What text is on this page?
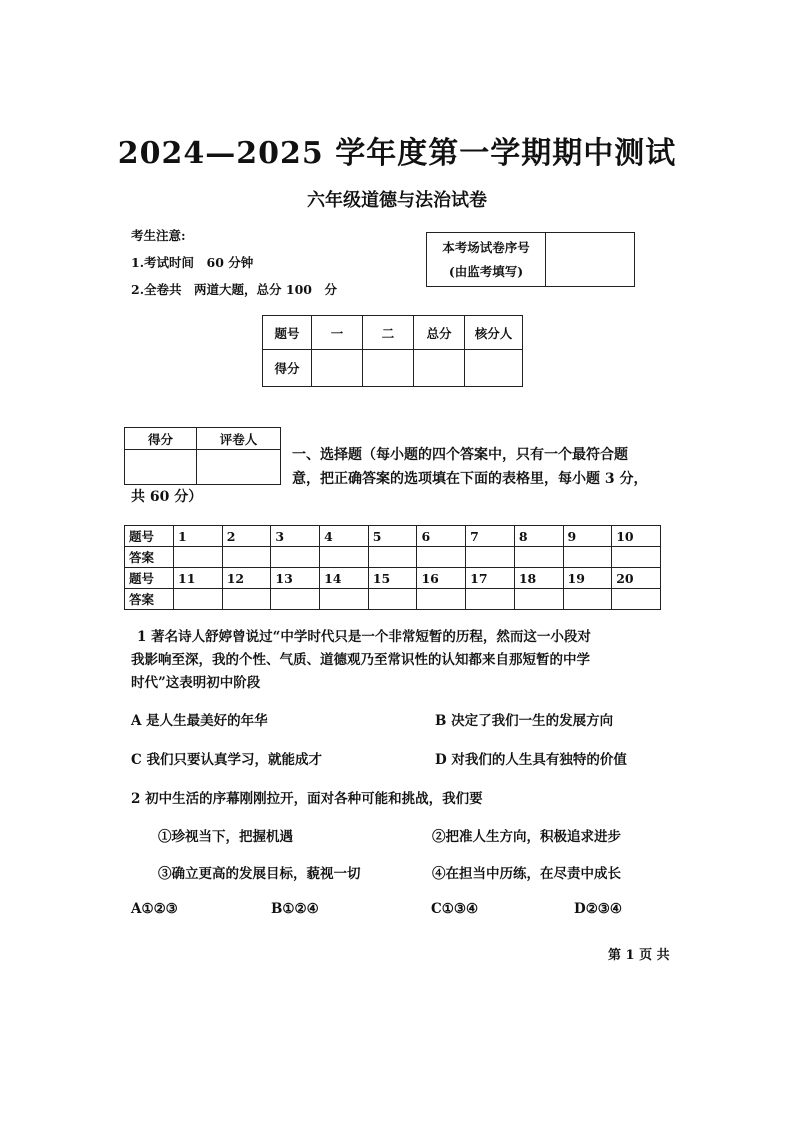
2024—2025 学年度第一学期期中测试
六年级道德与法治试卷
考生注意:
1.考试时间　60 分钟
2.全卷共　两道大题，总分 100　分
本考场试卷序号
(由监考填写)

题号	一	二	总分	核分人
得分				
得分	评卷人

一、选择题（每小题的四个答案中，只有一个最符合题
意，把正确答案的选项填在下面的表格里，每小题 3 分，
共 60 分）
题号	1	2	3	4	5	6	7	8	9	10
答案										
题号	11	12	13	14	15	16	17	18	19	20
答案										
1 著名诗人舒婷曾说过“中学时代只是一个非常短暂的历程，然而这一小段对
我影响至深，我的个性、气质、道德观乃至常识性的认知都来自那短暂的中学
时代”这表明初中阶段
A 是人生最美好的年华	B 决定了我们一生的发展方向
C 我们只要认真学习，就能成才	D 对我们的人生具有独特的价值
2 初中生活的序幕刚刚拉开，面对各种可能和挑战，我们要
①珍视当下，把握机遇	②把准人生方向，积极追求进步
③确立更高的发展目标，藐视一切	④在担当中历练，在尽责中成长
A①②③	B①②④	C①③④	D②③④
第 1 页 共
